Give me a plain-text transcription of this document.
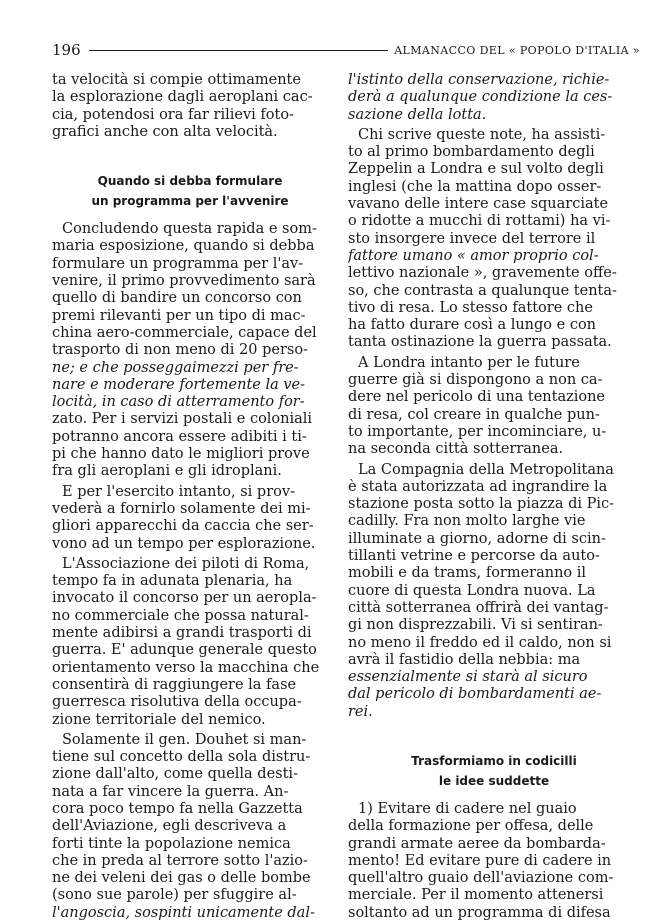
196	ALMANACCO DEL « POPOLO D'ITALIA »
ta velocità si compie ottimamente
la esplorazione dagli aeroplani cac-
cia, potendosi ora far rilievi foto-
grafici anche con alta velocità.
Quando si debba formulare
un programma per l'avvenire
Concludendo questa rapida e som-
maria esposizione, quando si debba
formulare un programma per l'av-
venire, il primo provvedimento sarà
quello di bandire un concorso con
premi rilevanti per un tipo di mac-
china aero-commerciale, capace del
trasporto di non meno di 20 perso-
ne; e che posseggaimezzi per fre-
nare e moderare fortemente la ve-
locità, in caso di atterramento for-
zato. Per i servizi postali e coloniali
potranno ancora essere adibiti i ti-
pi che hanno dato le migliori prove
fra gli aeroplani e gli idroplani.
E per l'esercito intanto, si prov-
vederà a fornirlo solamente dei mi-
gliori apparecchi da caccia che ser-
vono ad un tempo per esplorazione.
L'Associazione dei piloti di Roma,
tempo fa in adunata plenaria, ha
invocato il concorso per un aeropla-
no commerciale che possa natural-
mente adibirsi a grandi trasporti di
guerra. E' adunque generale questo
orientamento verso la macchina che
consentirà di raggiungere la fase
guerresca risolutiva della occupa-
zione territoriale del nemico.
Solamente il gen. Douhet si man-
tiene sul concetto della sola distru-
zione dall'alto, come quella desti-
nata a far vincere la guerra. An-
cora poco tempo fa nella Gazzetta
dell'Aviazione, egli descriveva a
forti tinte la popolazione nemica
che in preda al terrore sotto l'azio-
ne dei veleni dei gas o delle bombe
(sono sue parole) per sfuggire al-
l'angoscia, sospinti unicamente dal-
l'istinto della conservazione, richie-
derà a qualunque condizione la ces-
sazione della lotta.
Chi scrive queste note, ha assisti-
to al primo bombardamento degli
Zeppelin a Londra e sul volto degli
inglesi (che la mattina dopo osser-
vavano delle intere case squarciate
o ridotte a mucchi di rottami) ha vi-
sto insorgere invece del terrore il
fattore umano « amor proprio col-
lettivo nazionale », gravemente offe-
so, che contrasta a qualunque tenta-
tivo di resa. Lo stesso fattore che
ha fatto durare così a lungo e con
tanta ostinazione la guerra passata.
A Londra intanto per le future
guerre già si dispongono a non ca-
dere nel pericolo di una tentazione
di resa, col creare in qualche pun-
to importante, per incominciare, u-
na seconda città sotterranea.
La Compagnia della Metropolitana
è stata autorizzata ad ingrandire la
stazione posta sotto la piazza di Pic-
cadilly. Fra non molto larghe vie
illuminate a giorno, adorne di scin-
tillanti vetrine e percorse da auto-
mobili e da trams, formeranno il
cuore di questa Londra nuova. La
città sotterranea offrirà dei vantag-
gi non disprezzabili. Vi si sentiran-
no meno il freddo ed il caldo, non si
avrà il fastidio della nebbia: ma
essenzialmente si starà al sicuro
dal pericolo di bombardamenti ae-
rei.
Trasformiamo in codicilli
le idee suddette
1) Evitare di cadere nel guaio
della formazione per offesa, delle
grandi armate aeree da bombarda-
mento! Ed evitare pure di cadere in
quell'altro guaio dell'aviazione com-
merciale. Per il momento attenersi
soltanto ad un programma di difesa
